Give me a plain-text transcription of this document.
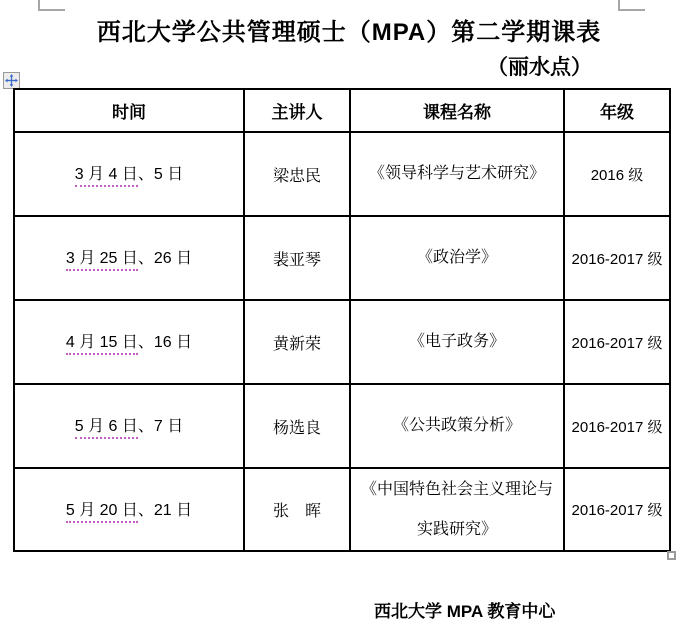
西北大学公共管理硕士（MPA）第二学期课表
（丽水点）
时间	主讲人	课程名称	年级
3 月 4 日、5 日	梁忠民	《领导科学与艺术研究》	2016 级
3 月 25 日、26 日	裴亚琴	《政治学》	2016-2017 级
4 月 15 日、16 日	黄新荣	《电子政务》	2016-2017 级
5 月 6 日、7 日	杨选良	《公共政策分析》	2016-2017 级
5 月 20 日、21 日	张　晖	《中国特色社会主义理论与实践研究》	2016-2017 级
西北大学 MPA 教育中心
